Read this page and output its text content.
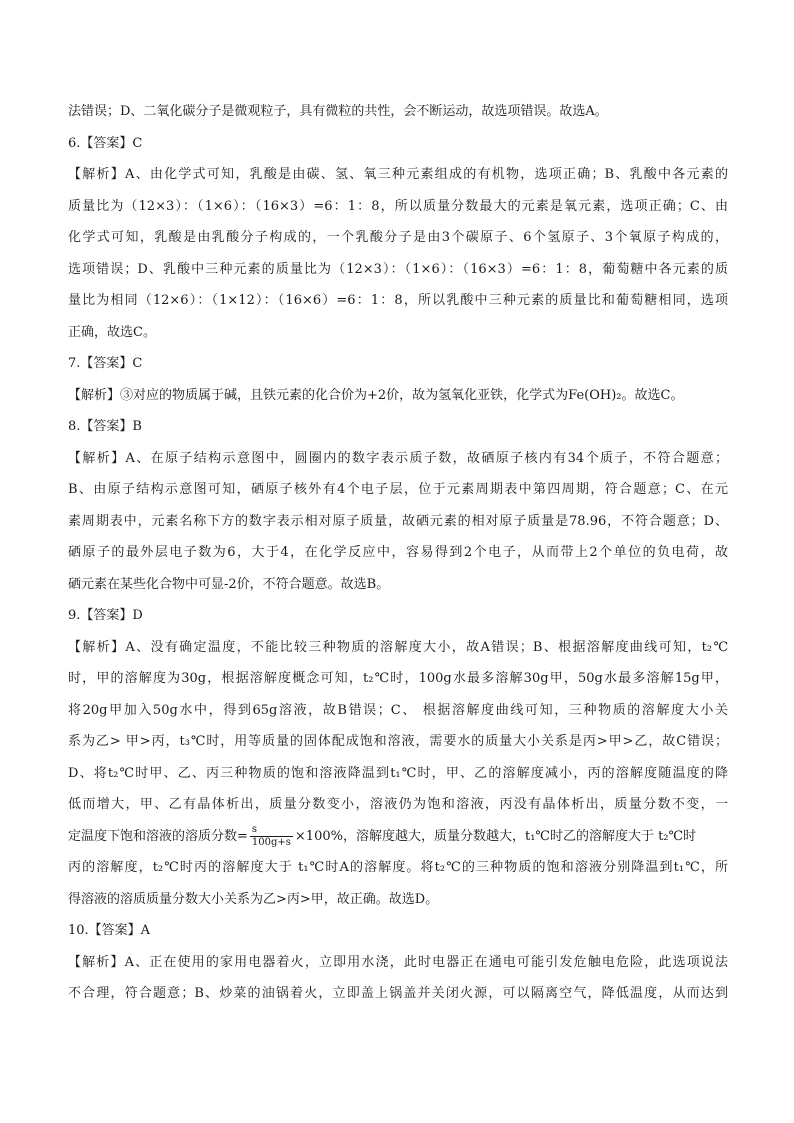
法错误；D、二氧化碳分子是微观粒子，具有微粒的共性，会不断运动，故选项错误。故选A。
6.【答案】C
【解析】A、由化学式可知，乳酸是由碳、氢、氧三种元素组成的有机物，选项正确；B、乳酸中各元素的
质量比为（12×3）：（1×6）：（16×3）=6：1：8，所以质量分数最大的元素是氧元素，选项正确；C、由
化学式可知，乳酸是由乳酸分子构成的，一个乳酸分子是由3个碳原子、6个氢原子、3个氧原子构成的，
选项错误；D、乳酸中三种元素的质量比为（12×3）：（1×6）：（16×3）=6：1：8，葡萄糖中各元素的质
量比为相同（12×6）：（1×12）：（16×6）=6：1：8，所以乳酸中三种元素的质量比和葡萄糖相同，选项
正确，故选C。
7.【答案】C
【解析】③对应的物质属于碱，且铁元素的化合价为+2价，故为氢氧化亚铁，化学式为Fe(OH)₂。故选C。
8.【答案】B
【解析】A、在原子结构示意图中，圆圈内的数字表示质子数，故硒原子核内有34个质子，不符合题意；
B、由原子结构示意图可知，硒原子核外有4个电子层，位于元素周期表中第四周期，符合题意；C、在元
素周期表中，元素名称下方的数字表示相对原子质量，故硒元素的相对原子质量是78.96，不符合题意；D、
硒原子的最外层电子数为6，大于4，在化学反应中，容易得到2个电子，从而带上2个单位的负电荷，故
硒元素在某些化合物中可显-2价，不符合题意。故选B。
9.【答案】D
【解析】A、没有确定温度，不能比较三种物质的溶解度大小，故A错误；B、根据溶解度曲线可知，t₂℃
时，甲的溶解度为30g，根据溶解度概念可知，t₂℃时，100g水最多溶解30g甲，50g水最多溶解15g甲，
将20g甲加入50g水中，得到65g溶液，故B错误；C、 根据溶解度曲线可知，三种物质的溶解度大小关
系为乙> 甲>丙，t₃℃时，用等质量的固体配成饱和溶液，需要水的质量大小关系是丙>甲>乙，故C错误；
D、将t₂℃时甲、乙、丙三种物质的饱和溶液降温到t₁℃时，甲、乙的溶解度减小，丙的溶解度随温度的降
低而增大，甲、乙有晶体析出，质量分数变小，溶液仍为饱和溶液，丙没有晶体析出，质量分数不变，一
定温度下饱和溶液的溶质分数= $\frac{s}{100g+s} \times 100\%$，溶解度越大，质量分数越大，t₁℃时乙的溶解度大于 t₂℃时
丙的溶解度，t₂℃时丙的溶解度大于 t₁℃时A的溶解度。将t₂℃的三种物质的饱和溶液分别降温到t₁℃，所
得溶液的溶质质量分数大小关系为乙>丙>甲，故正确。故选D。
10.【答案】A
【解析】A、正在使用的家用电器着火，立即用水浇，此时电器正在通电可能引发危触电危险，此选项说法
不合理，符合题意；B、炒菜的油锅着火，立即盖上锅盖并关闭火源，可以隔离空气，降低温度，从而达到
